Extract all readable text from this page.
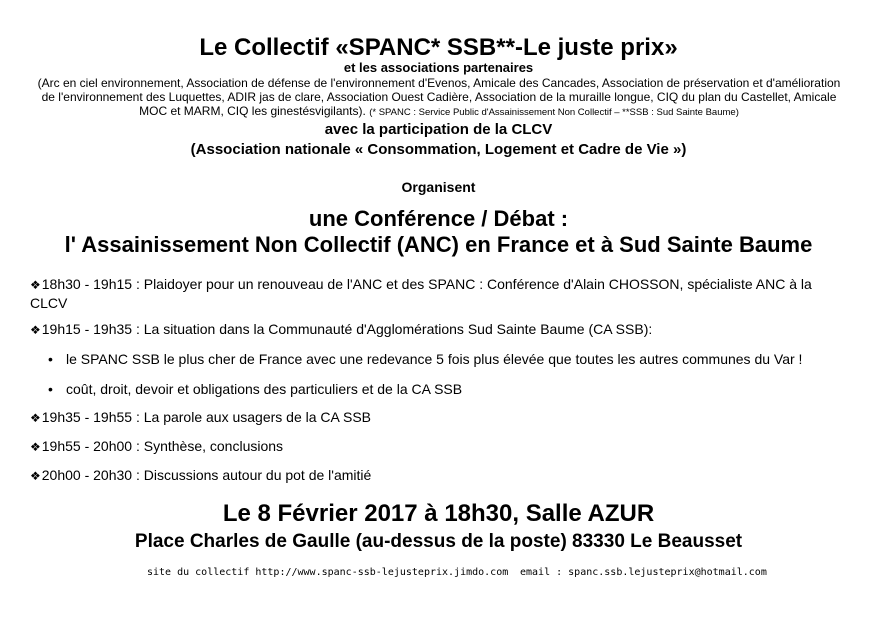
Le Collectif «SPANC* SSB**-Le juste prix»
et les associations partenaires
(Arc en ciel environnement, Association de défense de l'environnement d'Evenos, Amicale des Cancades, Association de préservation et d'amélioration de l'environnement des Luquettes, ADIR jas de clare, Association Ouest Cadière, Association de la muraille longue, CIQ du plan du Castellet, Amicale MOC et MARM, CIQ les ginestésvigilants). (* SPANC : Service Public d'Assainissement Non Collectif – **SSB : Sud Sainte Baume)
avec la participation de la CLCV
(Association nationale « Consommation, Logement et Cadre de Vie »)
Organisent
une Conférence / Débat :
l' Assainissement Non Collectif (ANC) en France et à Sud Sainte Baume
❖18h30 - 19h15 : Plaidoyer pour un renouveau de l'ANC et des SPANC : Conférence d'Alain CHOSSON, spécialiste ANC à la CLCV
❖19h15 - 19h35 : La situation dans la Communauté d'Agglomérations Sud Sainte Baume (CA SSB):
• le SPANC SSB le plus cher de France avec une redevance 5 fois plus élevée que toutes les autres communes du Var !
• coût, droit, devoir et obligations des particuliers et de la CA SSB
❖19h35 - 19h55 : La parole aux usagers de la CA SSB
❖19h55 - 20h00 : Synthèse, conclusions
❖20h00 - 20h30 : Discussions autour du pot de l'amitié
Le 8 Février 2017 à 18h30, Salle AZUR
Place Charles de Gaulle (au-dessus de la poste) 83330 Le Beausset
site du collectif http://www.spanc-ssb-lejusteprix.jimdo.com email : spanc.ssb.lejusteprix@hotmail.com
